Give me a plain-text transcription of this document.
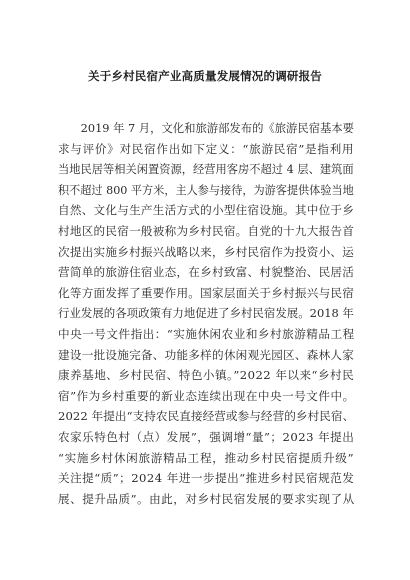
关于乡村民宿产业高质量发展情况的调研报告
　　2019 年 7 月，文化和旅游部发布的《旅游民宿基本要
求与评价》对民宿作出如下定义：“旅游民宿”是指利用
当地民居等相关闲置资源，经营用客房不超过 4 层、建筑面
积不超过 800 平方米，主人参与接待，为游客提供体验当地
自然、文化与生产生活方式的小型住宿设施。其中位于乡
村地区的民宿一般被称为乡村民宿。自党的十九大报告首
次提出实施乡村振兴战略以来，乡村民宿作为投资小、运
营简单的旅游住宿业态，在乡村致富、村貌整治、民居活
化等方面发挥了重要作用。国家层面关于乡村振兴与民宿
行业发展的各项政策有力地促进了乡村民宿发展。2018 年
中央一号文件指出：“实施休闲农业和乡村旅游精品工程
建设一批设施完备、功能多样的休闲观光园区、森林人家
康养基地、乡村民宿、特色小镇。”2022 年以来“乡村民
宿”作为乡村重要的新业态连续出现在中央一号文件中。
2022 年提出“支持农民直接经营或参与经营的乡村民宿、
农家乐特色村（点）发展”，强调增“量”；2023 年提出
“实施乡村休闲旅游精品工程，推动乡村民宿提质升级”
关注提“质”；2024 年进一步提出“推进乡村民宿规范发
展、提升品质”。由此，对乡村民宿发展的要求实现了从
